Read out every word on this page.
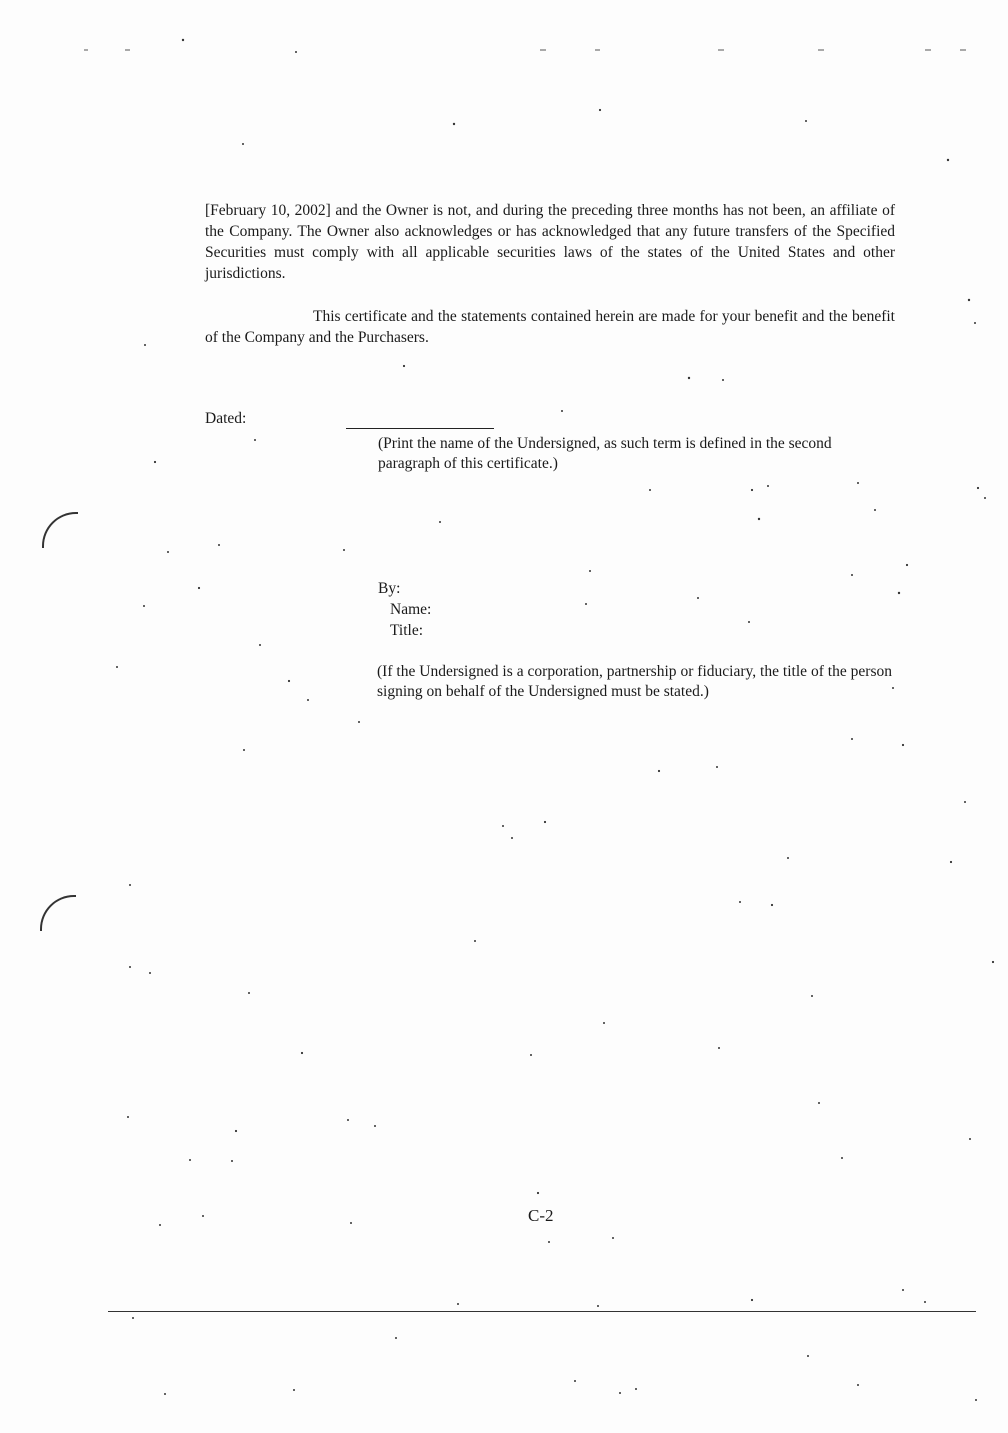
[February 10, 2002] and the Owner is not, and during the preceding three months has not been, an affiliate of the Company. The Owner also acknowledges or has acknowledged that any future transfers of the Specified Securities must comply with all applicable securities laws of the states of the United States and other jurisdictions.

This certificate and the statements contained herein are made for your benefit and the benefit of the Company and the Purchasers.

Dated:
(Print the name of the Undersigned, as such term is defined in the second paragraph of this certificate.)
By:
Name:
Title:
(If the Undersigned is a corporation, partnership or fiduciary, the title of the person signing on behalf of the Undersigned must be stated.)
C-2
